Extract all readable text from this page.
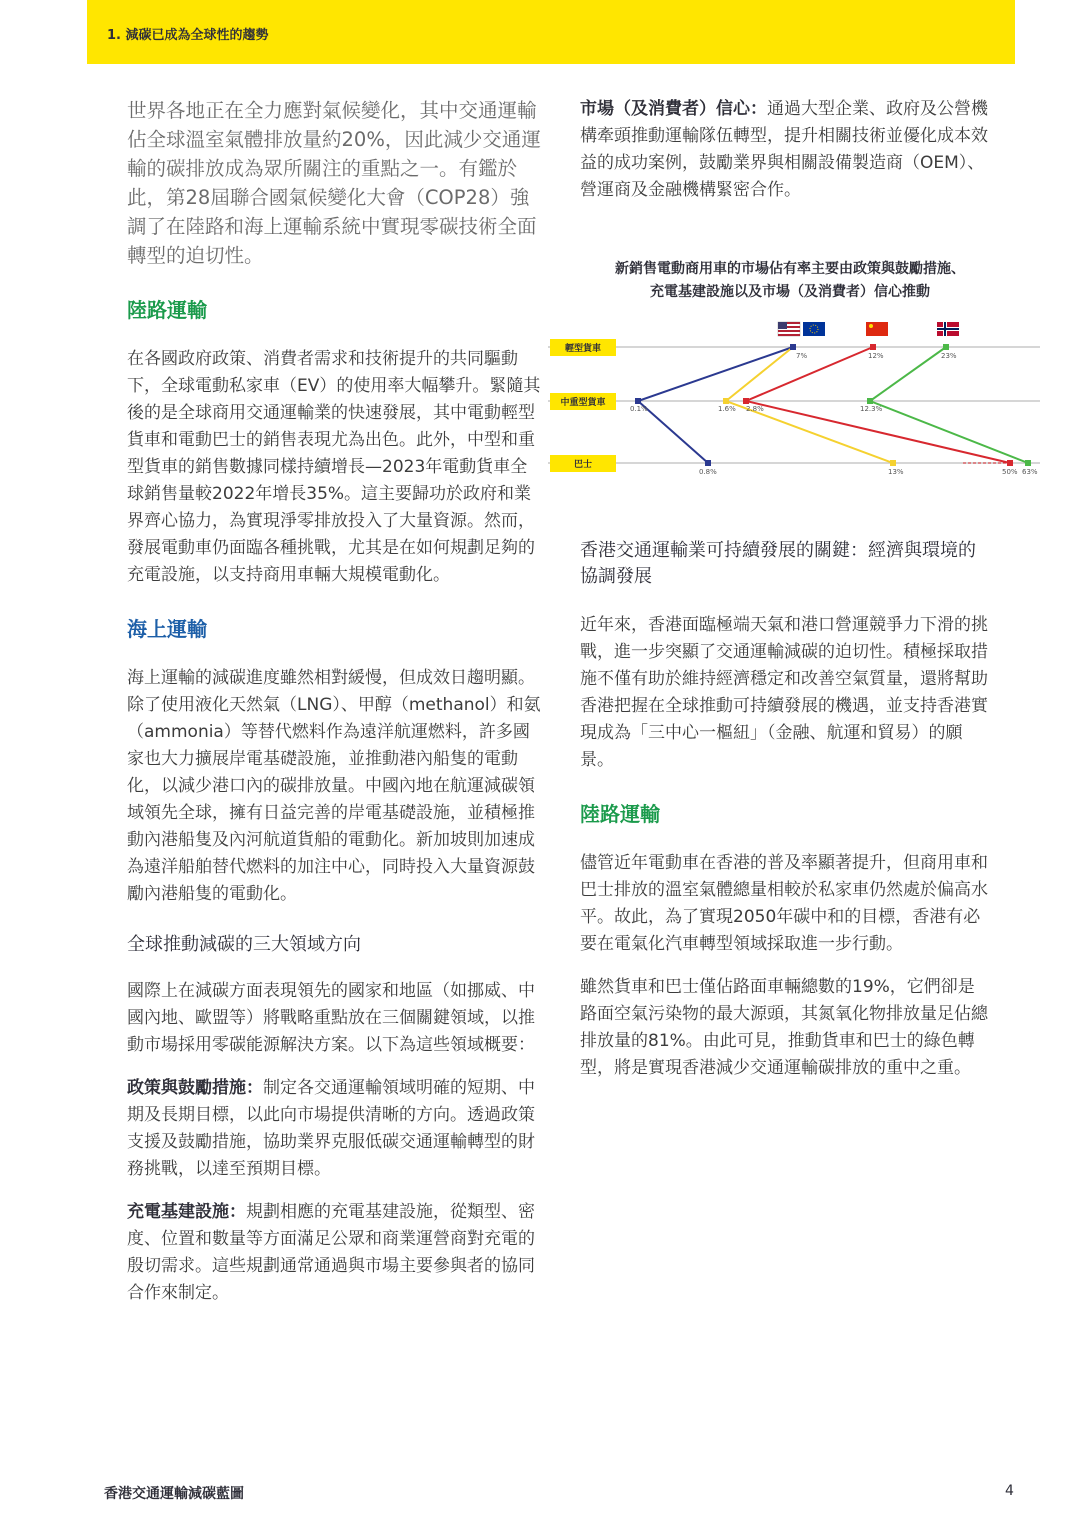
1. 減碳已成為全球性的趨勢

世界各地正在全力應對氣候變化，其中交通運輸佔全球溫室氣體排放量約20%，因此減少交通運輸的碳排放成為眾所關注的重點之一。有鑑於此，第28屆聯合國氣候變化大會（COP28）強調了在陸路和海上運輸系統中實現零碳技術全面轉型的迫切性。

陸路運輸

在各國政府政策、消費者需求和技術提升的共同驅動下，全球電動私家車（EV）的使用率大幅攀升。緊隨其後的是全球商用交通運輸業的快速發展，其中電動輕型貨車和電動巴士的銷售表現尤為出色。此外，中型和重型貨車的銷售數據同樣持續增長—2023年電動貨車全球銷售量較2022年增長35%。這主要歸功於政府和業界齊心協力，為實現淨零排放投入了大量資源。然而，發展電動車仍面臨各種挑戰，尤其是在如何規劃足夠的充電設施，以支持商用車輛大規模電動化。

海上運輸

海上運輸的減碳進度雖然相對緩慢，但成效日趨明顯。除了使用液化天然氣（LNG）、甲醇（methanol）和氨（ammonia）等替代燃料作為遠洋航運燃料，許多國家也大力擴展岸電基礎設施，並推動港內船隻的電動化，以減少港口內的碳排放量。中國內地在航運減碳領域領先全球，擁有日益完善的岸電基礎設施，並積極推動內港船隻及內河航道貨船的電動化。新加坡則加速成為遠洋船舶替代燃料的加注中心，同時投入大量資源鼓勵內港船隻的電動化。

全球推動減碳的三大領域方向

國際上在減碳方面表現領先的國家和地區（如挪威、中國內地、歐盟等）將戰略重點放在三個關鍵領域，以推動市場採用零碳能源解決方案。以下為這些領域概要：

政策與鼓勵措施：制定各交通運輸領域明確的短期、中期及長期目標，以此向市場提供清晰的方向。透過政策支援及鼓勵措施，協助業界克服低碳交通運輸轉型的財務挑戰，以達至預期目標。

充電基建設施：規劃相應的充電基建設施，從類型、密度、位置和數量等方面滿足公眾和商業運營商對充電的殷切需求。這些規劃通常通過與市場主要參與者的協同合作來制定。

市場（及消費者）信心：通過大型企業、政府及公營機構牽頭推動運輸隊伍轉型，提升相關技術並優化成本效益的成功案例，鼓勵業界與相關設備製造商（OEM）、營運商及金融機構緊密合作。

新銷售電動商用車的市場佔有率主要由政策與鼓勵措施、
充電基建設施以及市場（及消費者）信心推動
輕型貨車
中重型貨車
巴士
7%
0.1%
0.8%
1.6%
13%
12%
2.8%
50%
23%
12.3%
63%
香港交通運輸業可持續發展的關鍵：經濟與環境的協調發展

近年來，香港面臨極端天氣和港口營運競爭力下滑的挑戰，進一步突顯了交通運輸減碳的迫切性。積極採取措施不僅有助於維持經濟穩定和改善空氣質量，還將幫助香港把握在全球推動可持續發展的機遇，並支持香港實現成為「三中心一樞紐」（金融、航運和貿易）的願景。

陸路運輸

儘管近年電動車在香港的普及率顯著提升，但商用車和巴士排放的溫室氣體總量相較於私家車仍然處於偏高水平。故此，為了實現2050年碳中和的目標，香港有必要在電氣化汽車轉型領域採取進一步行動。

雖然貨車和巴士僅佔路面車輛總數的19%，它們卻是路面空氣污染物的最大源頭，其氮氧化物排放量足佔總排放量的81%。由此可見，推動貨車和巴士的綠色轉型，將是實現香港減少交通運輸碳排放的重中之重。

香港交通運輸減碳藍圖	4
